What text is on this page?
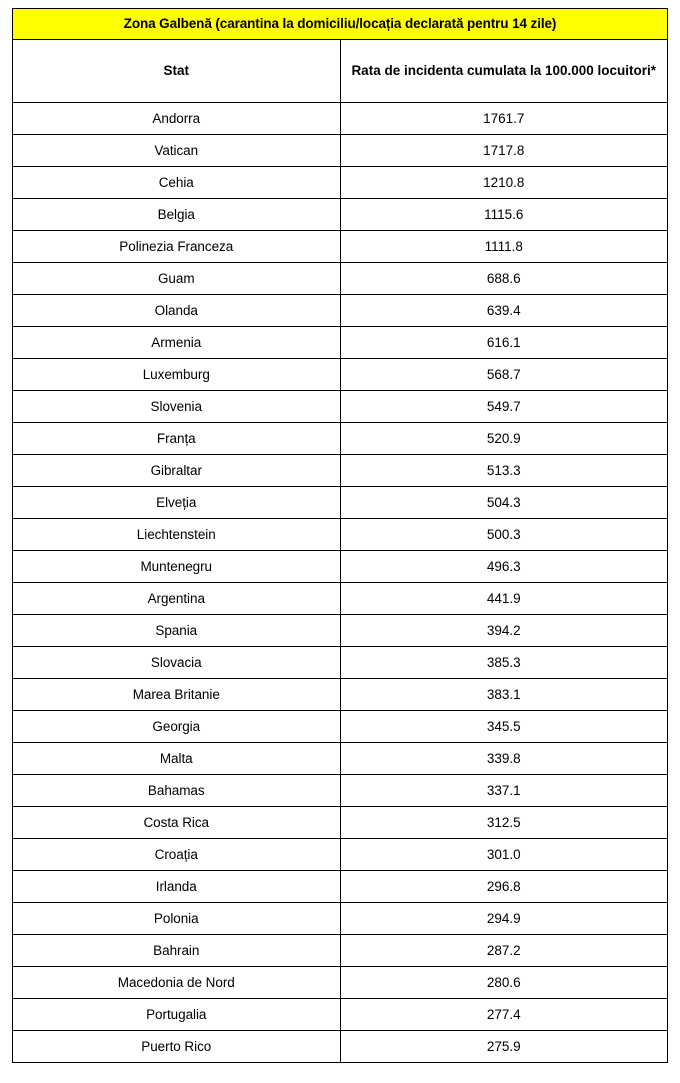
Zona Galbenă (carantina la domiciliu/locația declarată pentru 14 zile)	
Stat	Rata de incidenta cumulata la 100.000 locuitori*
Andorra	1761.7
Vatican	1717.8
Cehia	1210.8
Belgia	1115.6
Polinezia Franceza	1111.8
Guam	688.6
Olanda	639.4
Armenia	616.1
Luxemburg	568.7
Slovenia	549.7
Franța	520.9
Gibraltar	513.3
Elveția	504.3
Liechtenstein	500.3
Muntenegru	496.3
Argentina	441.9
Spania	394.2
Slovacia	385.3
Marea Britanie	383.1
Georgia	345.5
Malta	339.8
Bahamas	337.1
Costa Rica	312.5
Croația	301.0
Irlanda	296.8
Polonia	294.9
Bahrain	287.2
Macedonia de Nord	280.6
Portugalia	277.4
Puerto Rico	275.9
